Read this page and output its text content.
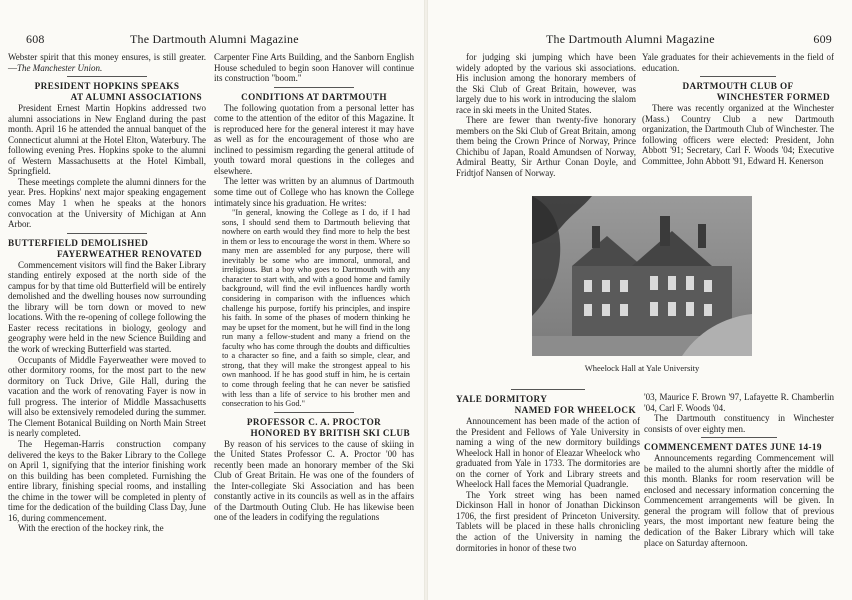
608	The Dartmouth Alumni Magazine

Webster spirit that this money ensures, is still greater.—The Manchester Union.

PRESIDENT HOPKINS SPEAKS
AT ALUMNI ASSOCIATIONS

President Ernest Martin Hopkins addressed two alumni associations in New England during the past month. April 16 he attended the annual banquet of the Connecticut alumni at the Hotel Elton, Waterbury. The following evening Pres. Hopkins spoke to the alumni of Western Massachusetts at the Hotel Kimball, Springfield.

These meetings complete the alumni dinners for the year. Pres. Hopkins' next major speaking engagement comes May 1 when he speaks at the honors convocation at the University of Michigan at Ann Arbor.

BUTTERFIELD DEMOLISHED
FAYERWEATHER RENOVATED

Commencement visitors will find the Baker Library standing entirely exposed at the north side of the campus for by that time old Butterfield will be entirely demolished and the dwelling houses now surrounding the library will be torn down or moved to new locations. With the re-opening of college following the Easter recess recitations in biology, geology and geography were held in the new Science Building and the work of wrecking Butterfield was started.

Occupants of Middle Fayerweather were moved to other dormitory rooms, for the most part to the new dormitory on Tuck Drive, Gile Hall, during the vacation and the work of renovating Fayer is now in full progress. The interior of Middle Massachusetts will also be extensively remodeled during the summer. The Clement Botanical Building on North Main Street is nearly completed.

The Hegeman-Harris construction company delivered the keys to the Baker Library to the College on April 1, signifying that the interior finishing work on this building has been completed. Furnishing the entire library, finishing special rooms, and installing the chime in the tower will be completed in plenty of time for the dedication of the building Class Day, June 16, during commencement.

With the erection of the hockey rink, the

Carpenter Fine Arts Building, and the Sanborn English House scheduled to begin soon Hanover will continue its construction "boom."

CONDITIONS AT DARTMOUTH

The following quotation from a personal letter has come to the attention of the editor of this Magazine. It is reproduced here for the general interest it may have as well as for the encouragement of those who are inclined to pessimism regarding the general attitude of youth toward moral questions in the colleges and elsewhere.

The letter was written by an alumnus of Dartmouth some time out of College who has known the College intimately since his graduation. He writes:

"In general, knowing the College as I do, if I had sons, I should send them to Dartmouth believing that nowhere on earth would they find more to help the best in them or less to encourage the worst in them. Where so many men are assembled for any purpose, there will inevitably be some who are immoral, unmoral, and irreligious. But a boy who goes to Dartmouth with any character to start with, and with a good home and family background, will find the evil influences hardly worth considering in comparison with the influences which challenge his purpose, fortify his principles, and inspire his faith. In some of the phases of modern thinking he may be upset for the moment, but he will find in the long run many a fellow-student and many a friend on the faculty who has come through the doubts and difficulties to a character so fine, and a faith so simple, clear, and strong, that they will make the strongest appeal to his own manhood. If he has good stuff in him, he is certain to come through feeling that he can never be satisfied with less than a life of service to his brother men and consecration to his God."

PROFESSOR C. A. PROCTOR
HONORED BY BRITISH SKI CLUB

By reason of his services to the cause of skiing in the United States Professor C. A. Proctor '00 has recently been made an honorary member of the Ski Club of Great Britain. He was one of the founders of the Inter-collegiate Ski Association and has been constantly active in its councils as well as in the affairs of the Dartmouth Outing Club. He has likewise been one of the leaders in codifying the regulations

The Dartmouth Alumni Magazine	609

for judging ski jumping which have been widely adopted by the various ski associations. His inclusion among the honorary members of the Ski Club of Great Britain, however, was largely due to his work in introducing the slalom race in ski meets in the United States.

There are fewer than twenty-five honorary members on the Ski Club of Great Britain, among them being the Crown Prince of Norway, Prince Chichibu of Japan, Roald Amundsen of Norway, Admiral Beatty, Sir Arthur Conan Doyle, and Fridtjof Nansen of Norway.

Yale graduates for their achievements in the field of education.

DARTMOUTH CLUB OF
WINCHESTER FORMED

There was recently organized at the Winchester (Mass.) Country Club a new Dartmouth organization, the Dartmouth Club of Winchester. The following officers were elected: President, John Abbott '91; Secretary, Carl F. Woods '04; Executive Committee, John Abbott '91, Edward H. Kenerson

Wheelock Hall at Yale University
YALE DORMITORY
NAMED FOR WHEELOCK

Announcement has been made of the action of the President and Fellows of Yale University in naming a wing of the new dormitory buildings Wheelock Hall in honor of Eleazar Wheelock who graduated from Yale in 1733. The dormitories are on the corner of York and Library streets and Wheelock Hall faces the Memorial Quadrangle.

The York street wing has been named Dickinson Hall in honor of Jonathan Dickinson 1706, the first president of Princeton University. Tablets will be placed in these halls chronicling the action of the University in naming the dormitories in honor of these two

'03, Maurice F. Brown '97, Lafayette R. Chamberlin '04, Carl F. Woods '04.

The Dartmouth constituency in Winchester consists of over eighty men.

COMMENCEMENT DATES JUNE 14-19

Announcements regarding Commencement will be mailed to the alumni shortly after the middle of this month. Blanks for room reservation will be enclosed and necessary information concerning the Commencement arrangements will be given. In general the program will follow that of previous years, the most important new feature being the dedication of the Baker Library which will take place on Saturday afternoon.
